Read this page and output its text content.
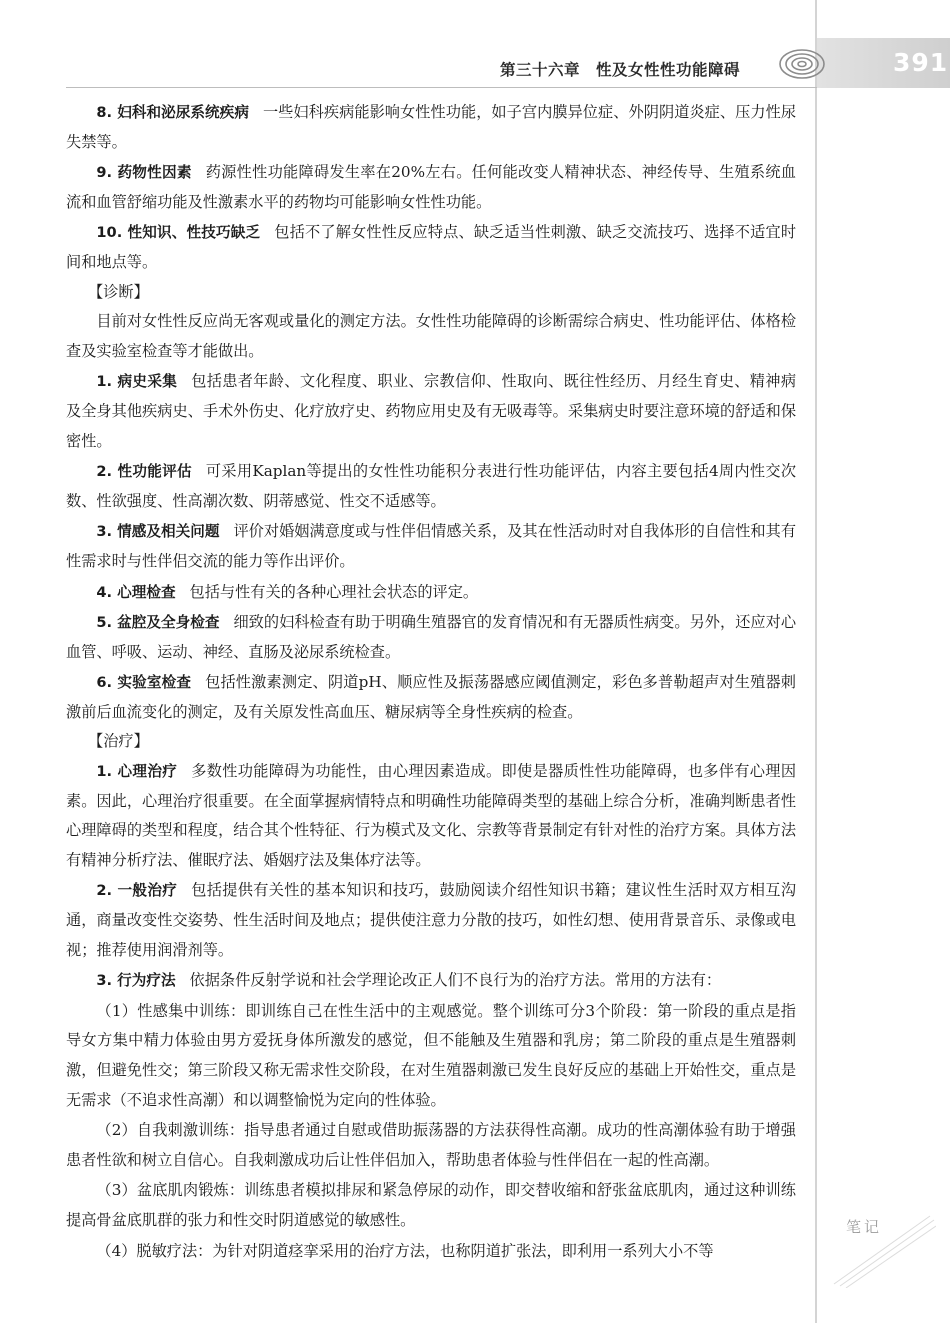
391
第三十六章　性及女性性功能障碍

8. 妇科和泌尿系统疾病 一些妇科疾病能影响女性性功能，如子宫内膜异位症、外阴阴道炎症、压力性尿失禁等。

9. 药物性因素 药源性性功能障碍发生率在20%左右。任何能改变人精神状态、神经传导、生殖系统血流和血管舒缩功能及性激素水平的药物均可能影响女性性功能。

10. 性知识、性技巧缺乏 包括不了解女性性反应特点、缺乏适当性刺激、缺乏交流技巧、选择不适宜时间和地点等。

【诊断】

目前对女性性反应尚无客观或量化的测定方法。女性性功能障碍的诊断需综合病史、性功能评估、体格检查及实验室检查等才能做出。

1. 病史采集 包括患者年龄、文化程度、职业、宗教信仰、性取向、既往性经历、月经生育史、精神病及全身其他疾病史、手术外伤史、化疗放疗史、药物应用史及有无吸毒等。采集病史时要注意环境的舒适和保密性。

2. 性功能评估 可采用Kaplan等提出的女性性功能积分表进行性功能评估，内容主要包括4周内性交次数、性欲强度、性高潮次数、阴蒂感觉、性交不适感等。

3. 情感及相关问题 评价对婚姻满意度或与性伴侣情感关系，及其在性活动时对自我体形的自信性和其有性需求时与性伴侣交流的能力等作出评价。

4. 心理检查 包括与性有关的各种心理社会状态的评定。

5. 盆腔及全身检查 细致的妇科检查有助于明确生殖器官的发育情况和有无器质性病变。另外，还应对心血管、呼吸、运动、神经、直肠及泌尿系统检查。

6. 实验室检查 包括性激素测定、阴道pH、顺应性及振荡器感应阈值测定，彩色多普勒超声对生殖器刺激前后血流变化的测定，及有关原发性高血压、糖尿病等全身性疾病的检查。

【治疗】

1. 心理治疗 多数性功能障碍为功能性，由心理因素造成。即使是器质性性功能障碍，也多伴有心理因素。因此，心理治疗很重要。在全面掌握病情特点和明确性功能障碍类型的基础上综合分析，准确判断患者性心理障碍的类型和程度，结合其个性特征、行为模式及文化、宗教等背景制定有针对性的治疗方案。具体方法有精神分析疗法、催眠疗法、婚姻疗法及集体疗法等。

2. 一般治疗 包括提供有关性的基本知识和技巧，鼓励阅读介绍性知识书籍；建议性生活时双方相互沟通，商量改变性交姿势、性生活时间及地点；提供使注意力分散的技巧，如性幻想、使用背景音乐、录像或电视；推荐使用润滑剂等。

3. 行为疗法 依据条件反射学说和社会学理论改正人们不良行为的治疗方法。常用的方法有：

（1）性感集中训练：即训练自己在性生活中的主观感觉。整个训练可分3个阶段：第一阶段的重点是指导女方集中精力体验由男方爱抚身体所激发的感觉，但不能触及生殖器和乳房；第二阶段的重点是生殖器刺激，但避免性交；第三阶段又称无需求性交阶段，在对生殖器刺激已发生良好反应的基础上开始性交，重点是无需求（不追求性高潮）和以调整愉悦为定向的性体验。

（2）自我刺激训练：指导患者通过自慰或借助振荡器的方法获得性高潮。成功的性高潮体验有助于增强患者性欲和树立自信心。自我刺激成功后让性伴侣加入，帮助患者体验与性伴侣在一起的性高潮。

（3）盆底肌肉锻炼：训练患者模拟排尿和紧急停尿的动作，即交替收缩和舒张盆底肌肉，通过这种训练提高骨盆底肌群的张力和性交时阴道感觉的敏感性。

（4）脱敏疗法：为针对阴道痉挛采用的治疗方法，也称阴道扩张法，即利用一系列大小不等

笔记
